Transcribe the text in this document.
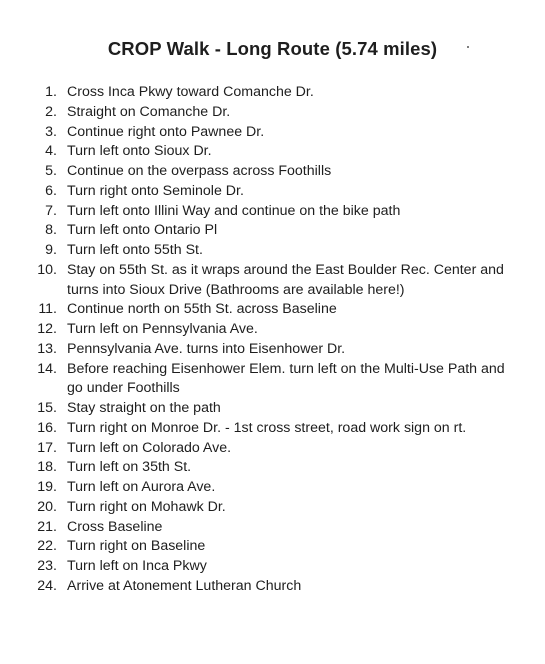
CROP Walk - Long Route (5.74 miles)
1. Cross Inca Pkwy toward Comanche Dr.
2. Straight on Comanche Dr.
3. Continue right onto Pawnee Dr.
4. Turn left onto Sioux Dr.
5. Continue on the overpass across Foothills
6. Turn right onto Seminole Dr.
7. Turn left onto Illini Way and continue on the bike path
8. Turn left onto Ontario Pl
9. Turn left onto 55th St.
10. Stay on 55th St. as it wraps around the East Boulder Rec. Center and turns into Sioux Drive (Bathrooms are available here!)
11. Continue north on 55th St. across Baseline
12. Turn left on Pennsylvania Ave.
13. Pennsylvania Ave. turns into Eisenhower Dr.
14. Before reaching Eisenhower Elem. turn left on the Multi-Use Path and go under Foothills
15. Stay straight on the path
16. Turn right on Monroe Dr. - 1st cross street, road work sign on rt.
17. Turn left on Colorado Ave.
18. Turn left on 35th St.
19. Turn left on Aurora Ave.
20. Turn right on Mohawk Dr.
21. Cross Baseline
22. Turn right on Baseline
23. Turn left on Inca Pkwy
24. Arrive at Atonement Lutheran Church
